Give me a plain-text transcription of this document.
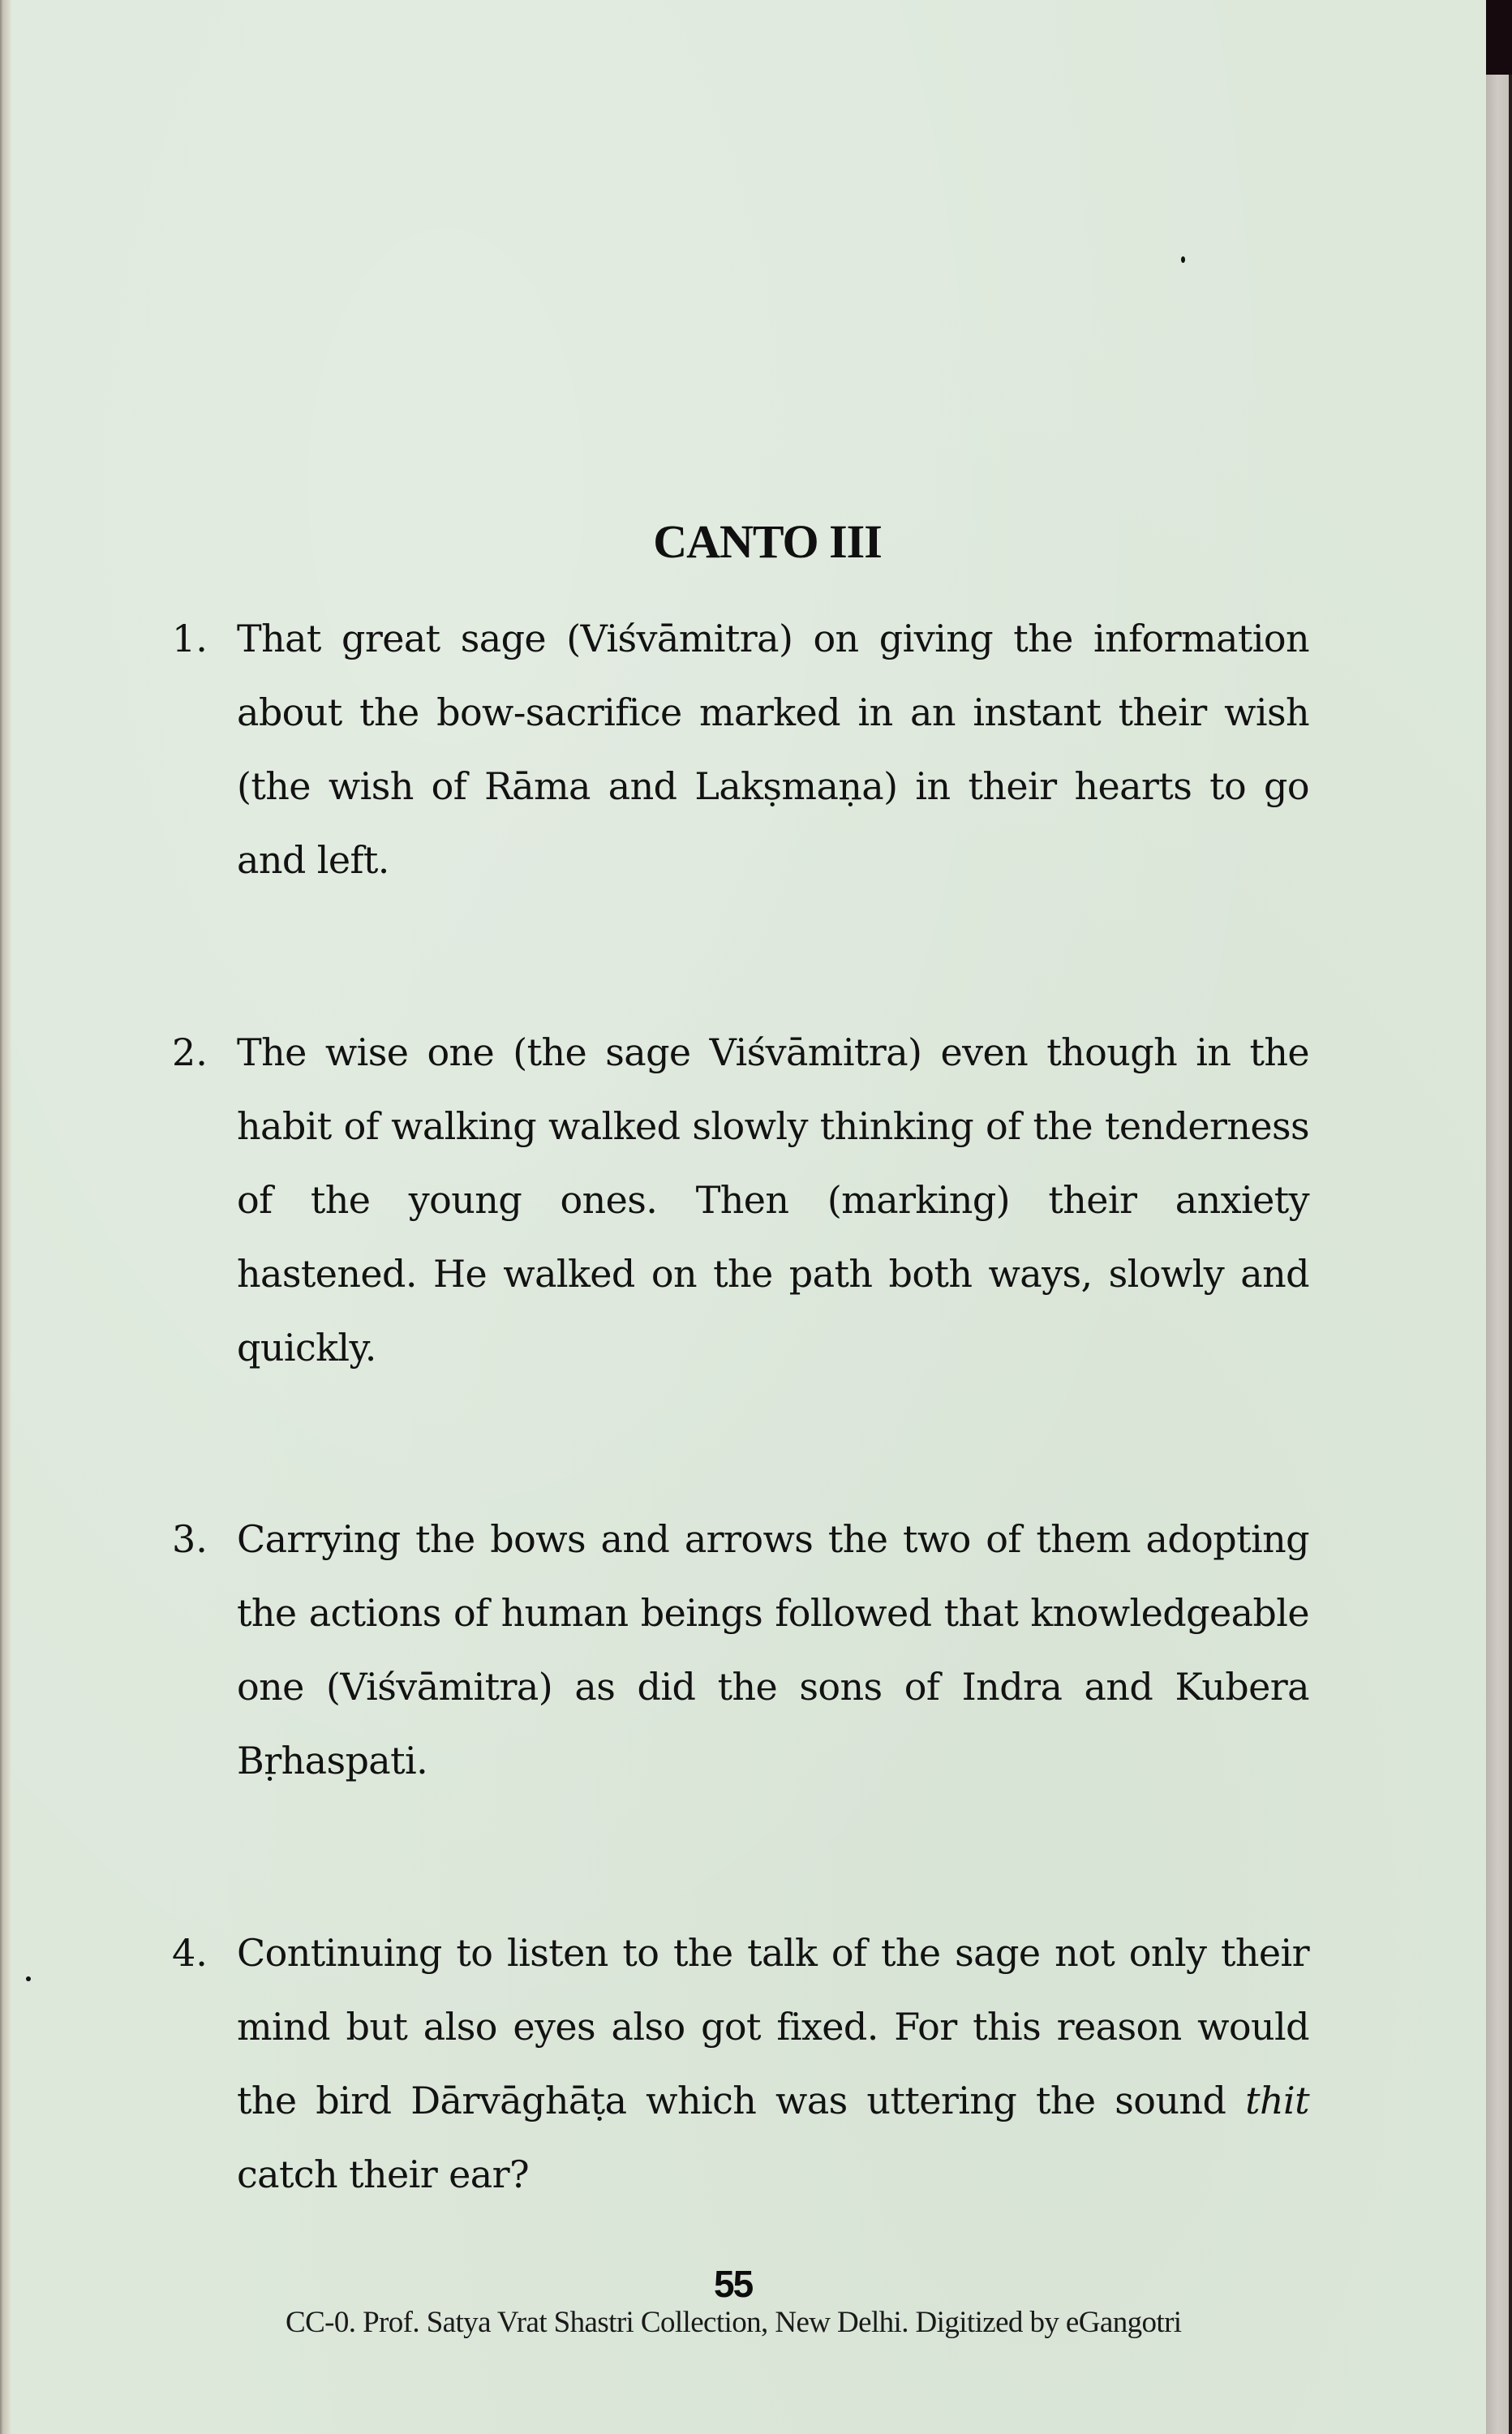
CANTO III
1. That great sage (Viśvāmitra) on giving the information about the bow-sacrifice marked in an instant their wish (the wish of Rāma and Lakṣmaṇa) in their hearts to go and left.
2. The wise one (the sage Viśvāmitra) even though in the habit of walking walked slowly thinking of the tenderness of the young ones. Then (marking) their anxiety hastened. He walked on the path both ways, slowly and quickly.
3. Carrying the bows and arrows the two of them adopting the actions of human beings followed that knowledgeable one (Viśvāmitra) as did the sons of Indra and Kubera Bṛhaspati.
4. Continuing to listen to the talk of the sage not only their mind but also eyes also got fixed. For this reason would the bird Dārvāghāṭa which was uttering the sound thit catch their ear?
55
CC-0. Prof. Satya Vrat Shastri Collection, New Delhi. Digitized by eGangotri
